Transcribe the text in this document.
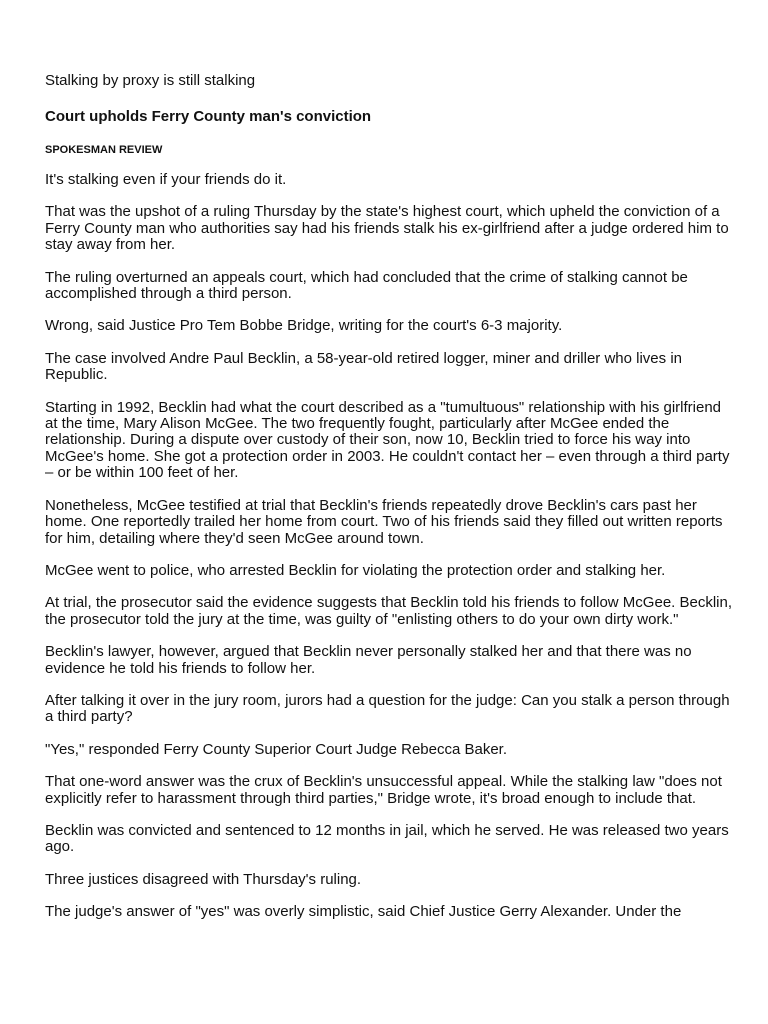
Stalking by proxy is still stalking

Court upholds Ferry County man's conviction

SPOKESMAN REVIEW

It's stalking even if your friends do it.

That was the upshot of a ruling Thursday by the state's highest court, which upheld the conviction of a Ferry County man who authorities say had his friends stalk his ex-girlfriend after a judge ordered him to stay away from her.

The ruling overturned an appeals court, which had concluded that the crime of stalking cannot be accomplished through a third person.

Wrong, said Justice Pro Tem Bobbe Bridge, writing for the court's 6-3 majority.

The case involved Andre Paul Becklin, a 58-year-old retired logger, miner and driller who lives in Republic.

Starting in 1992, Becklin had what the court described as a "tumultuous" relationship with his girlfriend at the time, Mary Alison McGee. The two frequently fought, particularly after McGee ended the relationship. During a dispute over custody of their son, now 10, Becklin tried to force his way into McGee's home. She got a protection order in 2003. He couldn't contact her – even through a third party – or be within 100 feet of her.

Nonetheless, McGee testified at trial that Becklin's friends repeatedly drove Becklin's cars past her home. One reportedly trailed her home from court. Two of his friends said they filled out written reports for him, detailing where they'd seen McGee around town.

McGee went to police, who arrested Becklin for violating the protection order and stalking her.

At trial, the prosecutor said the evidence suggests that Becklin told his friends to follow McGee. Becklin, the prosecutor told the jury at the time, was guilty of "enlisting others to do your own dirty work."

Becklin's lawyer, however, argued that Becklin never personally stalked her and that there was no evidence he told his friends to follow her.

After talking it over in the jury room, jurors had a question for the judge: Can you stalk a person through a third party?

"Yes," responded Ferry County Superior Court Judge Rebecca Baker.

That one-word answer was the crux of Becklin's unsuccessful appeal. While the stalking law "does not explicitly refer to harassment through third parties," Bridge wrote, it's broad enough to include that.

Becklin was convicted and sentenced to 12 months in jail, which he served. He was released two years ago.

Three justices disagreed with Thursday's ruling.

The judge's answer of "yes" was overly simplistic, said Chief Justice Gerry Alexander. Under the
